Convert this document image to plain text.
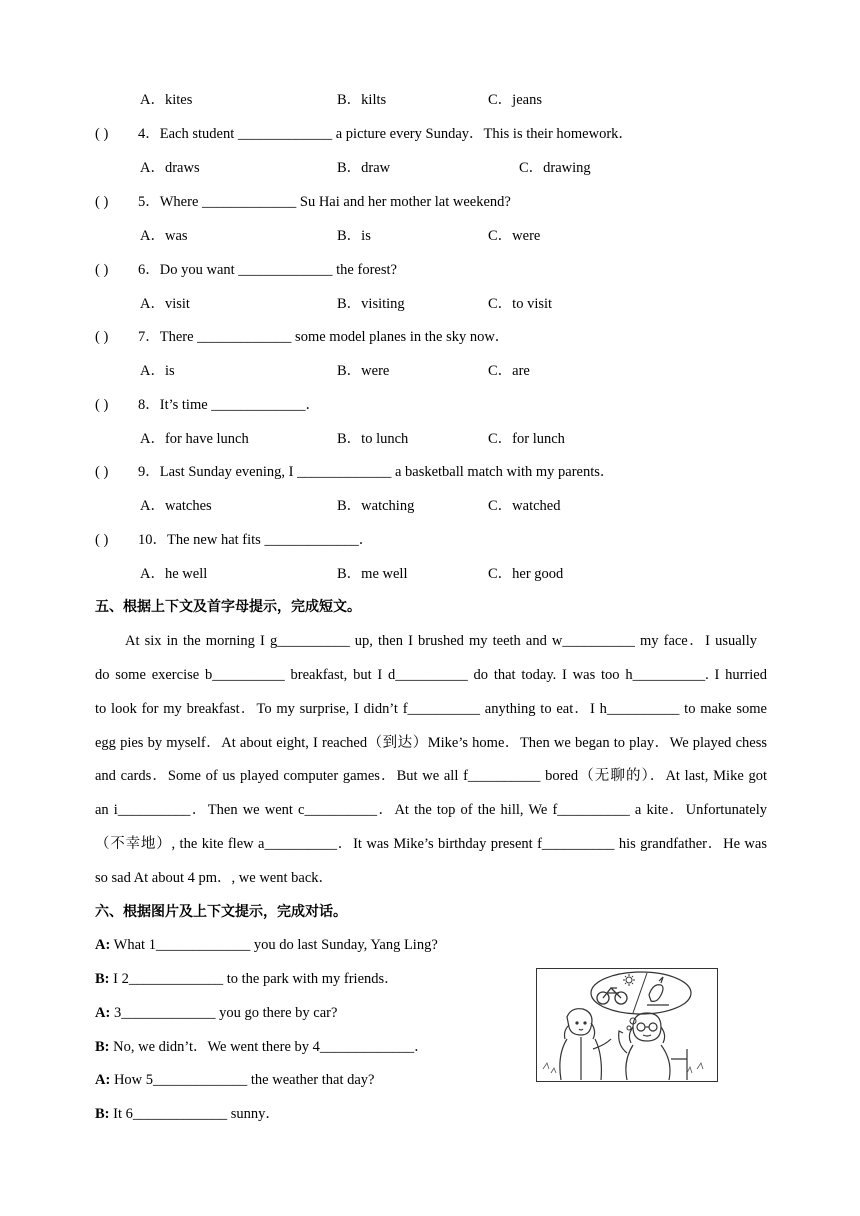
A．kites	B．kilts	C．jeans
( ) 4．Each student _____________ a picture every Sunday．This is their homework．
A．draws	B．draw	C．drawing
( ) 5．Where _____________ Su Hai and her mother lat weekend?
A．was	B．is	C．were
( ) 6．Do you want _____________ the forest?
A．visit	B．visiting	C．to visit
( ) 7．There _____________ some model planes in the sky now．
A．is	B．were	C．are
( ) 8．It’s time _____________．
A．for have lunch	B．to lunch	C．for lunch
( ) 9．Last Sunday evening, I _____________ a basketball match with my parents．
A．watches	B．watching	C．watched
( ) 10．The new hat fits _____________．
A．he well	B．me well	C．her good
五、根据上下文及首字母提示，完成短文。
At six in the morning I g__________ up, then I brushed my teeth and w__________ my face．I usually
do some exercise b__________ breakfast, but I d__________ do that today. I was too h__________. I hurried
to look for my breakfast．To my surprise, I didn’t f__________ anything to eat．I h__________ to make some
egg pies by myself．At about eight, I reached（到达）Mike’s home．Then we began to play．We played chess
and cards．Some of us played computer games．But we all f__________ bored（无聊的）．At last, Mike got
an i__________．Then we went c__________．At the top of the hill, We f__________ a kite．Unfortunately
（不幸地）, the kite flew a__________．It was Mike’s birthday present f__________ his grandfather．He was
so sad At about 4 pm．, we went back．
六、根据图片及上下文提示，完成对话。
A: What 1_____________ you do last Sunday, Yang Ling?
B: I 2_____________ to the park with my friends．
A: 3_____________ you go there by car?
B: No, we didn’t．We went there by 4_____________．
A: How 5_____________ the weather that day?
B: It 6_____________ sunny．
